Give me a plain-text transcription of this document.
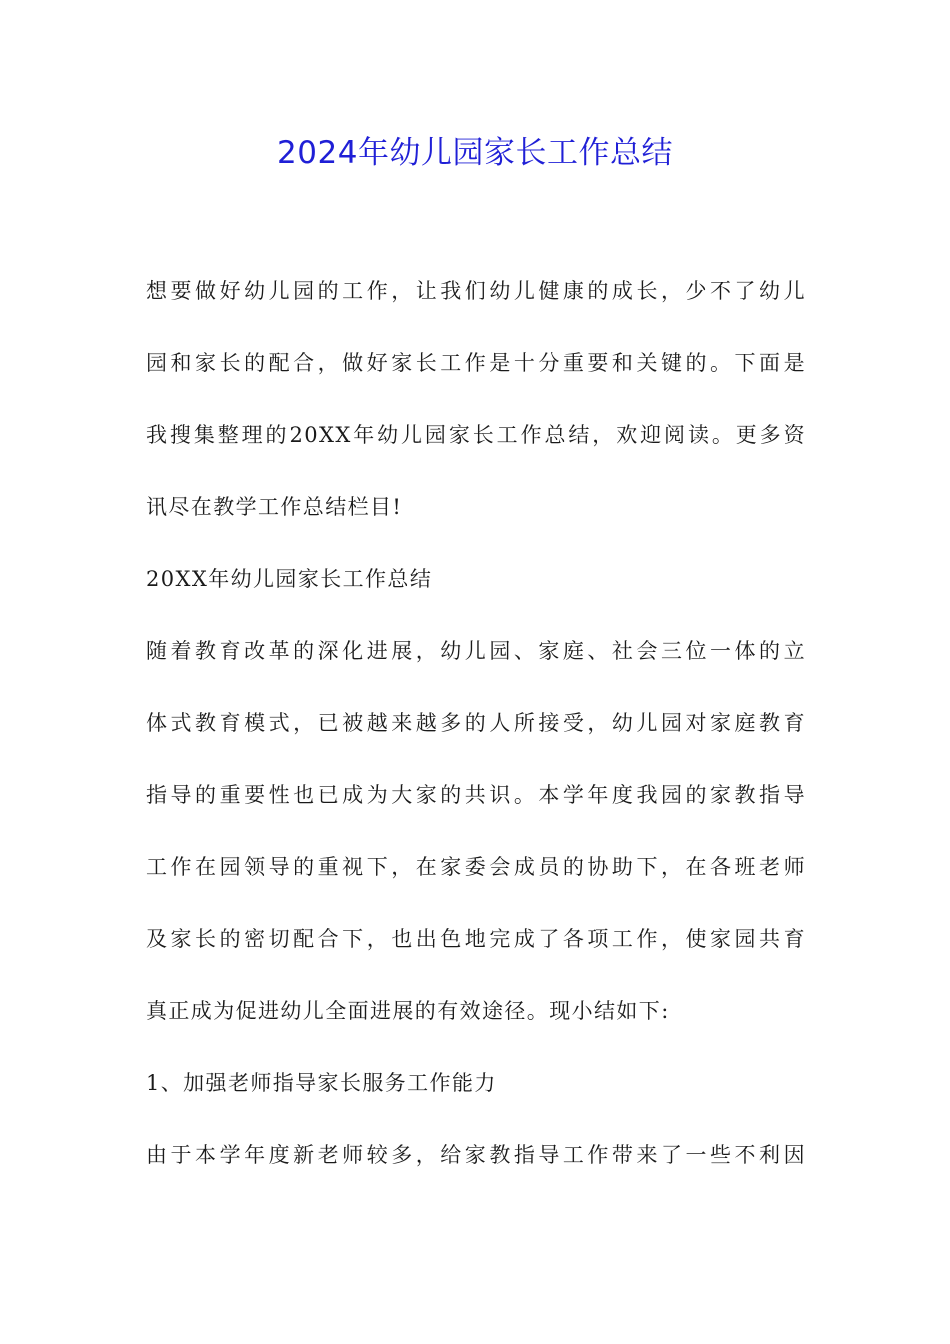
2024年幼儿园家长工作总结
想要做好幼儿园的工作，让我们幼儿健康的成长，少不了幼儿
园和家长的配合，做好家长工作是十分重要和关键的。下面是
我搜集整理的20XX年幼儿园家长工作总结，欢迎阅读。更多资
讯尽在教学工作总结栏目!
20XX年幼儿园家长工作总结
随着教育改革的深化进展，幼儿园、家庭、社会三位一体的立
体式教育模式，已被越来越多的人所接受，幼儿园对家庭教育
指导的重要性也已成为大家的共识。本学年度我园的家教指导
工作在园领导的重视下，在家委会成员的协助下，在各班老师
及家长的密切配合下，也出色地完成了各项工作，使家园共育
真正成为促进幼儿全面进展的有效途径。现小结如下:
1、加强老师指导家长服务工作能力
由于本学年度新老师较多，给家教指导工作带来了一些不利因
